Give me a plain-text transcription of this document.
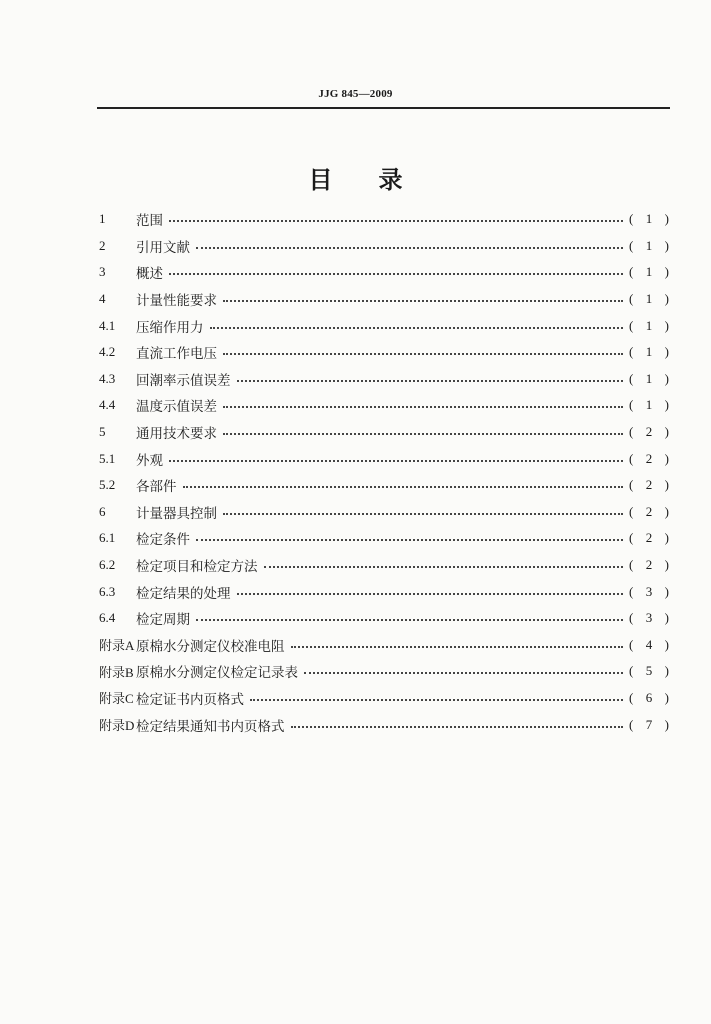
JJG 845—2009
目 录
1	范围	( 1 )
2	引用文献	( 1 )
3	概述	( 1 )
4	计量性能要求	( 1 )
4.1	压缩作用力	( 1 )
4.2	直流工作电压	( 1 )
4.3	回潮率示值误差	( 1 )
4.4	温度示值误差	( 1 )
5	通用技术要求	( 2 )
5.1	外观	( 2 )
5.2	各部件	( 2 )
6	计量器具控制	( 2 )
6.1	检定条件	( 2 )
6.2	检定项目和检定方法	( 2 )
6.3	检定结果的处理	( 3 )
6.4	检定周期	( 3 )
附录A 原棉水分测定仪校准电阻	( 4 )
附录B 原棉水分测定仪检定记录表	( 5 )
附录C 检定证书内页格式	( 6 )
附录D 检定结果通知书内页格式	( 7 )
